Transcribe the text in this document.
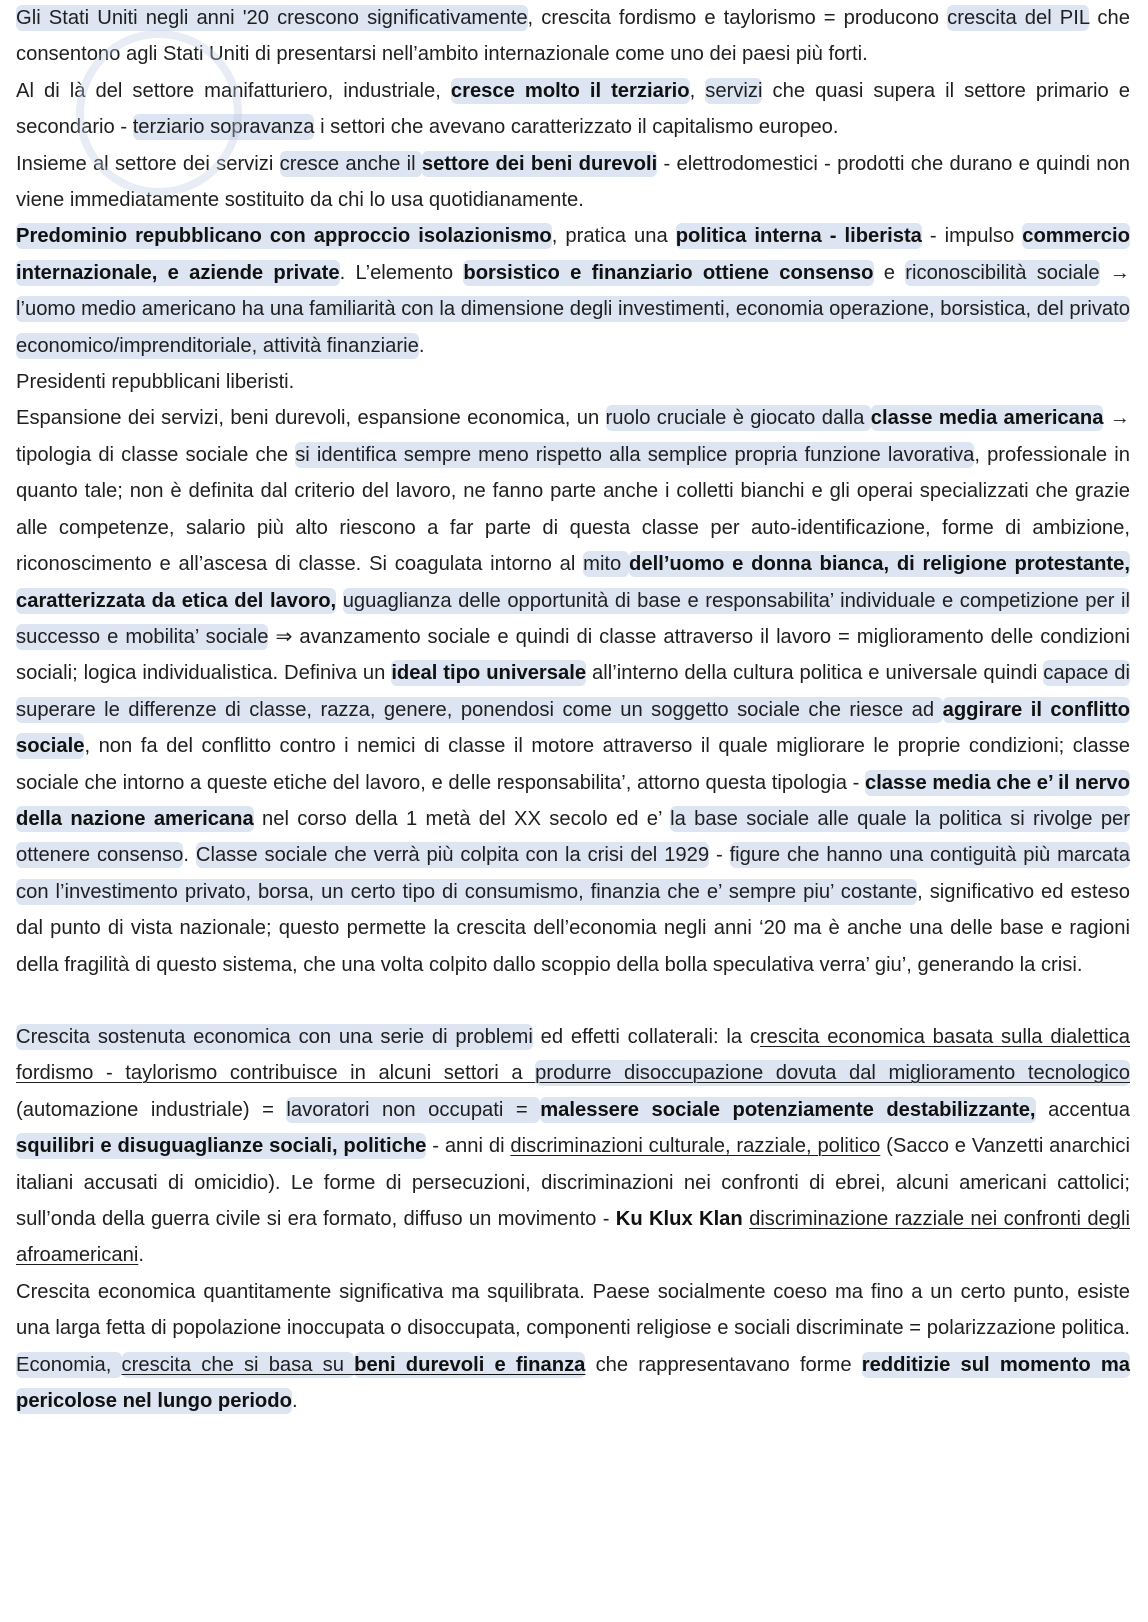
Gli Stati Uniti negli anni '20 crescono significativamente, crescita fordismo e taylorismo = producono crescita del PIL che consentono agli Stati Uniti di presentarsi nell’ambito internazionale come uno dei paesi più forti.

Al di là del settore manifatturiero, industriale, cresce molto il terziario, servizi che quasi supera il settore primario e secondario - terziario sopravanza i settori che avevano caratterizzato il capitalismo europeo.

Insieme al settore dei servizi cresce anche il settore dei beni durevoli - elettrodomestici - prodotti che durano e quindi non viene immediatamente sostituito da chi lo usa quotidianamente.

Predominio repubblicano con approccio isolazionismo, pratica una politica interna - liberista - impulso commercio internazionale, e aziende private. L’elemento borsistico e finanziario ottiene consenso e riconoscibilità sociale → l’uomo medio americano ha una familiarità con la dimensione degli investimenti, economia operazione, borsistica, del privato economico/imprenditoriale, attività finanziarie.

Presidenti repubblicani liberisti.

Espansione dei servizi, beni durevoli, espansione economica, un ruolo cruciale è giocato dalla classe media americana → tipologia di classe sociale che si identifica sempre meno rispetto alla semplice propria funzione lavorativa, professionale in quanto tale; non è definita dal criterio del lavoro, ne fanno parte anche i colletti bianchi e gli operai specializzati che grazie alle competenze, salario più alto riescono a far parte di questa classe per auto-identificazione, forme di ambizione, riconoscimento e all’ascesa di classe. Si coagulata intorno al mito dell’uomo e donna bianca, di religione protestante, caratterizzata da etica del lavoro, uguaglianza delle opportunità di base e responsabilita’ individuale e competizione per il successo e mobilita’ sociale ⇒ avanzamento sociale e quindi di classe attraverso il lavoro = miglioramento delle condizioni sociali; logica individualistica. Definiva un ideal tipo universale all’interno della cultura politica e universale quindi capace di superare le differenze di classe, razza, genere, ponendosi come un soggetto sociale che riesce ad aggirare il conflitto sociale, non fa del conflitto contro i nemici di classe il motore attraverso il quale migliorare le proprie condizioni; classe sociale che intorno a queste etiche del lavoro, e delle responsabilita’, attorno questa tipologia - classe media che e’ il nervo della nazione americana nel corso della 1 metà del XX secolo ed e’ la base sociale alle quale la politica si rivolge per ottenere consenso. Classe sociale che verrà più colpita con la crisi del 1929 - figure che hanno una contiguità più marcata con l’investimento privato, borsa, un certo tipo di consumismo, finanzia che e’ sempre piu’ costante, significativo ed esteso dal punto di vista nazionale; questo permette la crescita dell’economia negli anni ‘20 ma è anche una delle base e ragioni della fragilità di questo sistema, che una volta colpito dallo scoppio della bolla speculativa verra’ giu’, generando la crisi.

Crescita sostenuta economica con una serie di problemi ed effetti collaterali: la crescita economica basata sulla dialettica fordismo - taylorismo contribuisce in alcuni settori a produrre disoccupazione dovuta dal miglioramento tecnologico (automazione industriale) = lavoratori non occupati = malessere sociale potenziamente destabilizzante, accentua squilibri e disuguaglianze sociali, politiche - anni di discriminazioni culturale, razziale, politico (Sacco e Vanzetti anarchici italiani accusati di omicidio). Le forme di persecuzioni, discriminazioni nei confronti di ebrei, alcuni americani cattolici; sull’onda della guerra civile si era formato, diffuso un movimento - Ku Klux Klan discriminazione razziale nei confronti degli afroamericani.

Crescita economica quantitamente significativa ma squilibrata. Paese socialmente coeso ma fino a un certo punto, esiste una larga fetta di popolazione inoccupata o disoccupata, componenti religiose e sociali discriminate = polarizzazione politica. Economia, crescita che si basa su beni durevoli e finanza che rappresentavano forme redditizie sul momento ma pericolose nel lungo periodo.
